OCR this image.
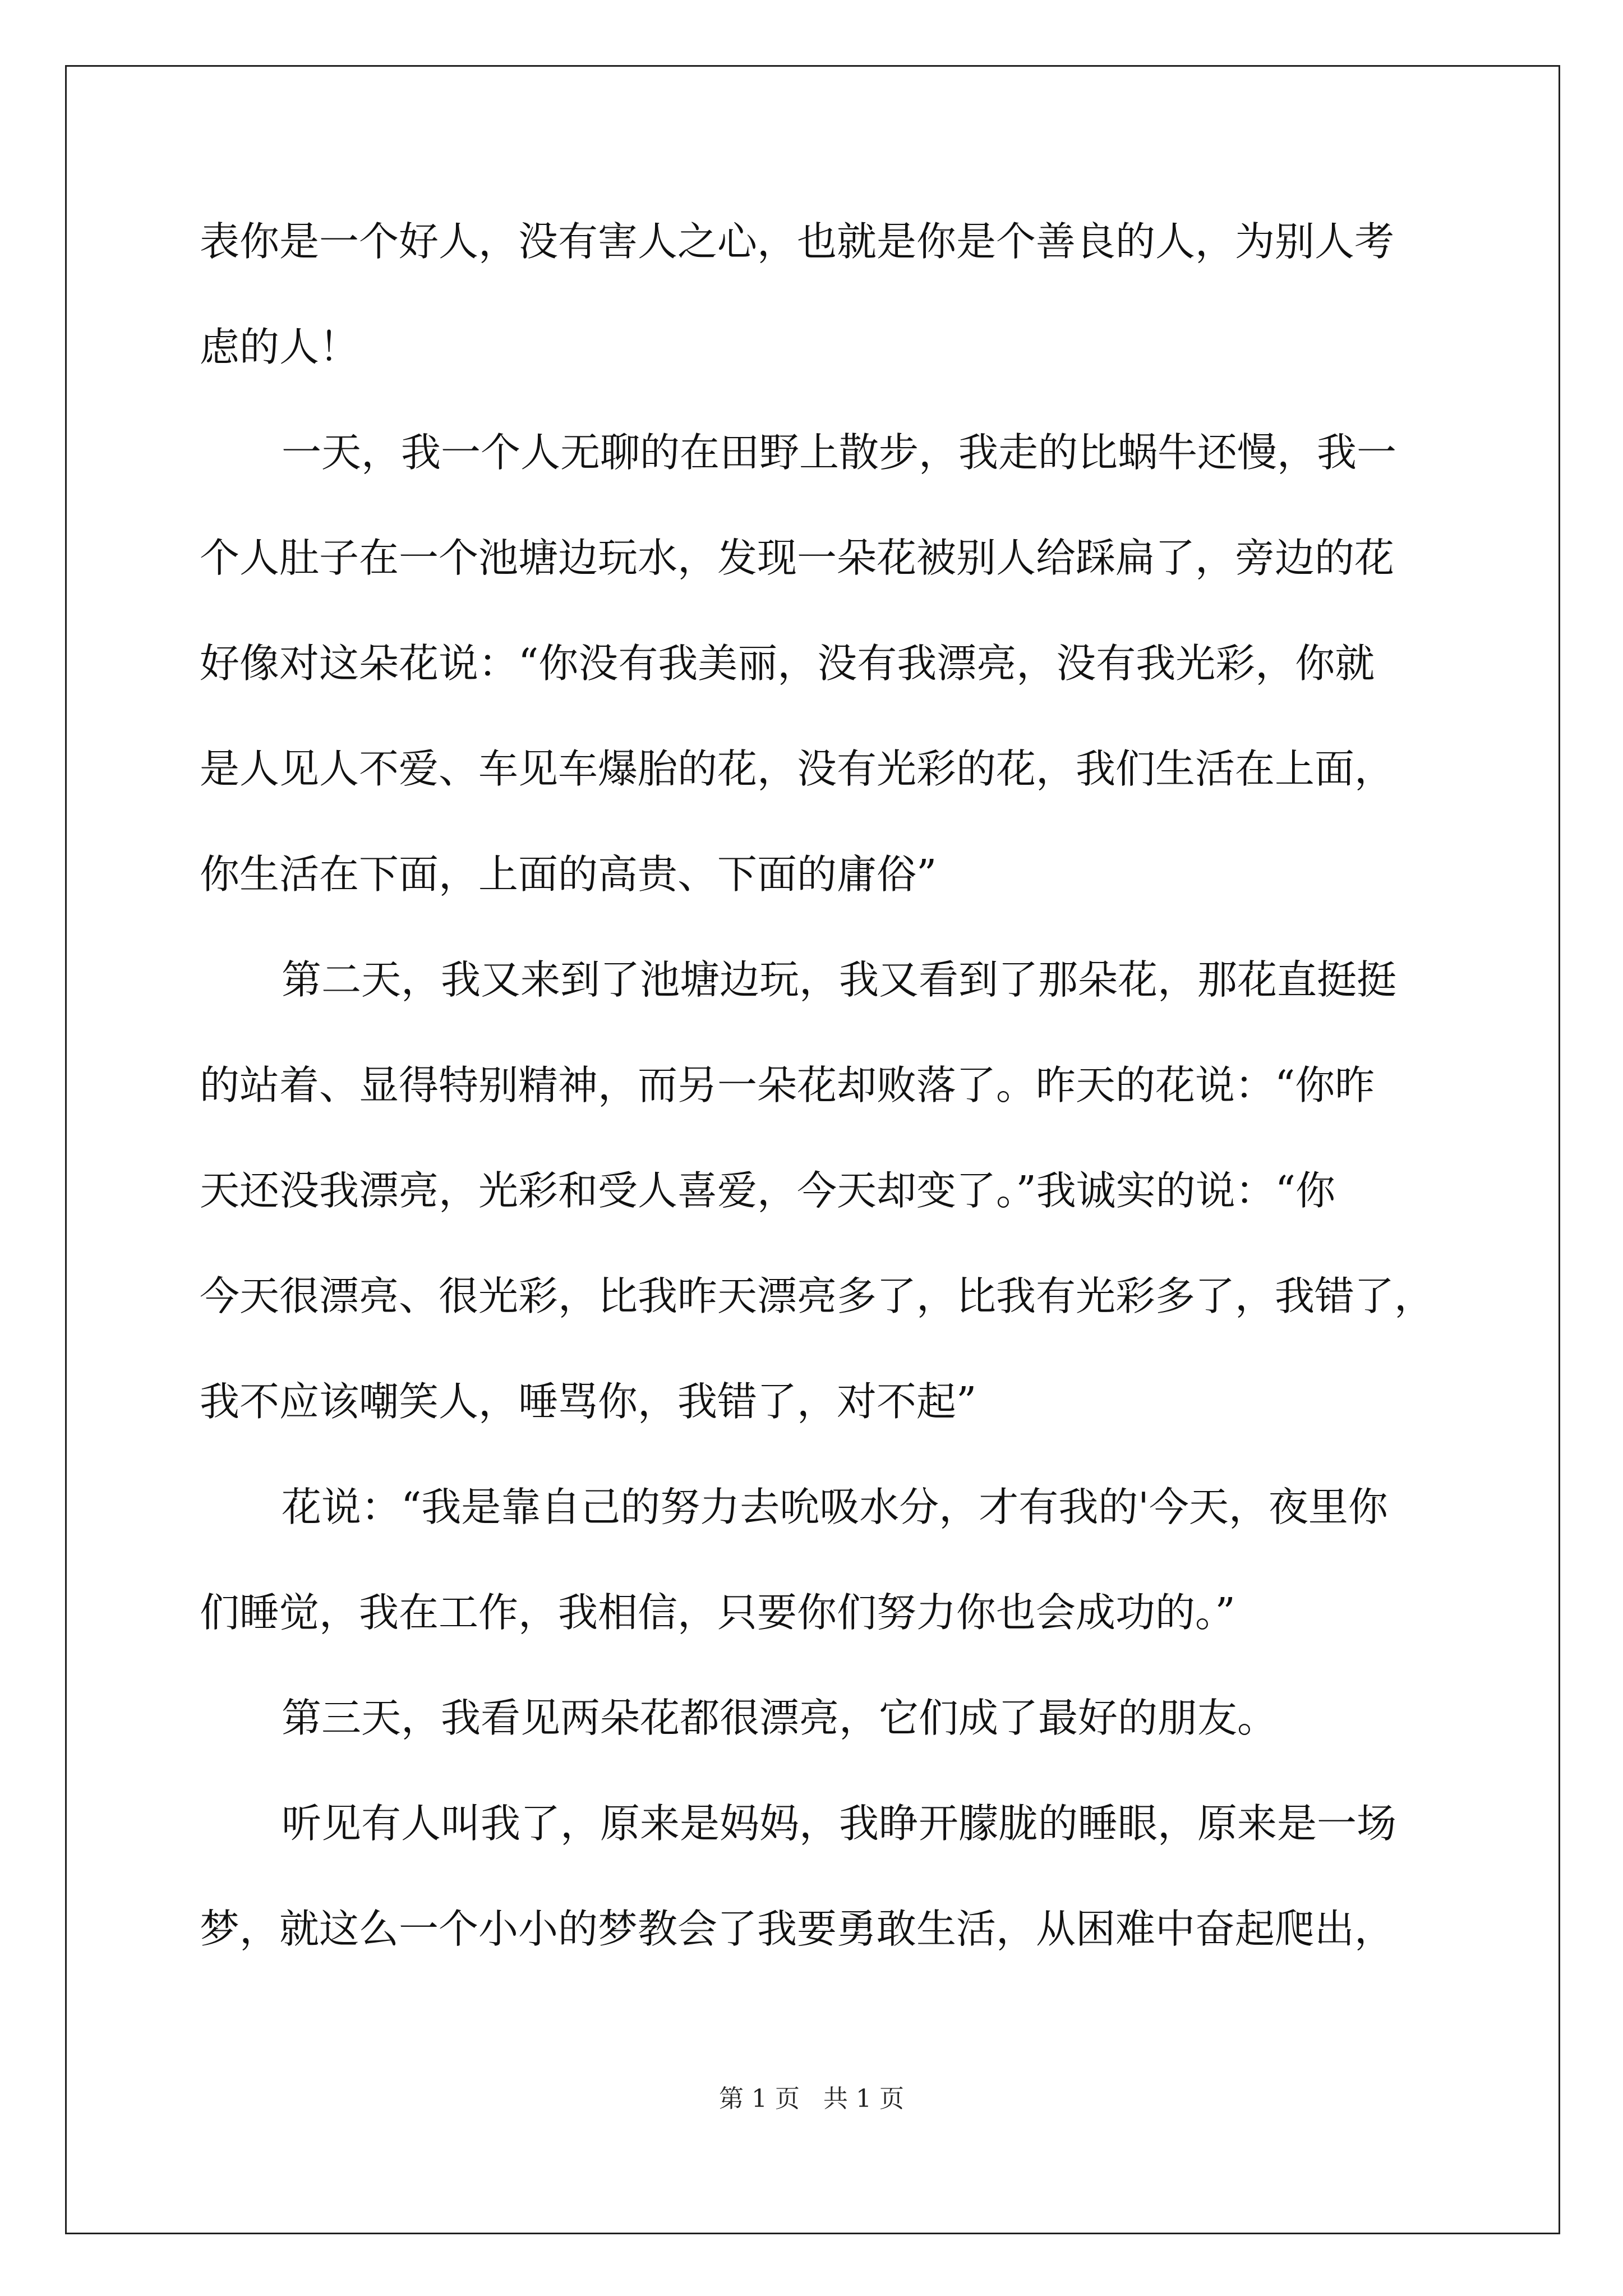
表你是一个好人，没有害人之心，也就是你是个善良的人，为别人考
虑的人！
一天，我一个人无聊的在田野上散步，我走的比蜗牛还慢，我一
个人肚子在一个池塘边玩水，发现一朵花被别人给踩扁了，旁边的花
好像对这朵花说：“你没有我美丽，没有我漂亮，没有我光彩，你就
是人见人不爱、车见车爆胎的花，没有光彩的花，我们生活在上面，
你生活在下面，上面的高贵、下面的庸俗”
第二天，我又来到了池塘边玩，我又看到了那朵花，那花直挺挺
的站着、显得特别精神，而另一朵花却败落了。昨天的花说：“你昨
天还没我漂亮，光彩和受人喜爱，今天却变了。”我诚实的说：“你
今天很漂亮、很光彩，比我昨天漂亮多了，比我有光彩多了，我错了，
我不应该嘲笑人，唾骂你，我错了，对不起”
花说：“我是靠自己的努力去吮吸水分，才有我的'今天，夜里你
们睡觉，我在工作，我相信，只要你们努力你也会成功的。”
第三天，我看见两朵花都很漂亮，它们成了最好的朋友。
听见有人叫我了，原来是妈妈，我睁开朦胧的睡眼，原来是一场
梦，就这么一个小小的梦教会了我要勇敢生活，从困难中奋起爬出，
第 1 页 共 1 页
